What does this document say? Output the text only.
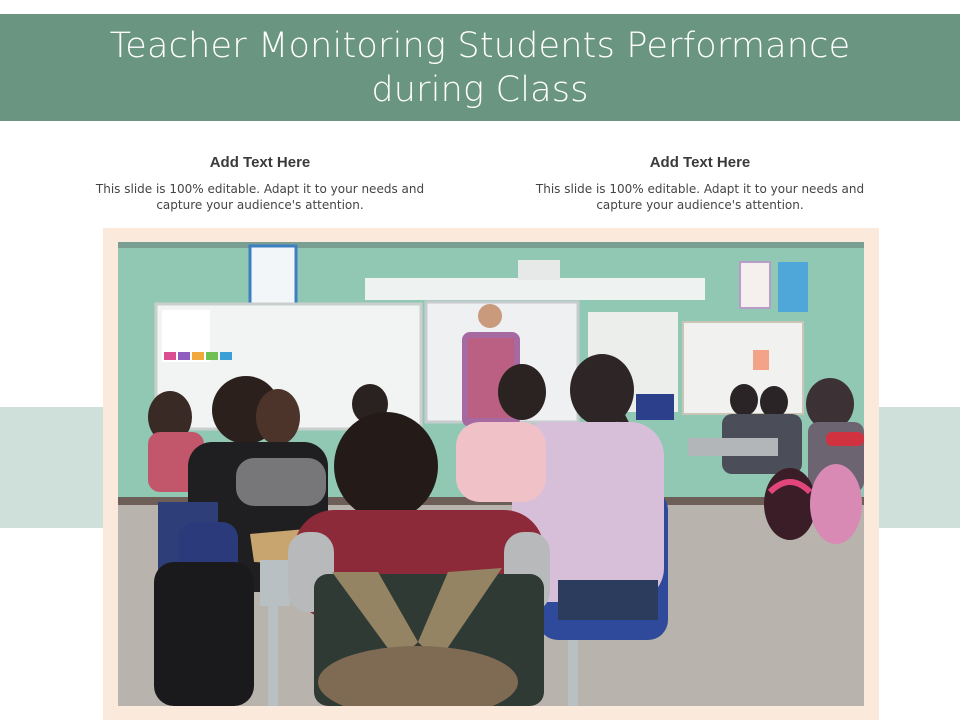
Teacher Monitoring Students Performance during Class
Add Text Here
This slide is 100% editable. Adapt it to your needs and capture your audience's attention.
Add Text Here
This slide is 100% editable. Adapt it to your needs and capture your audience's attention.
